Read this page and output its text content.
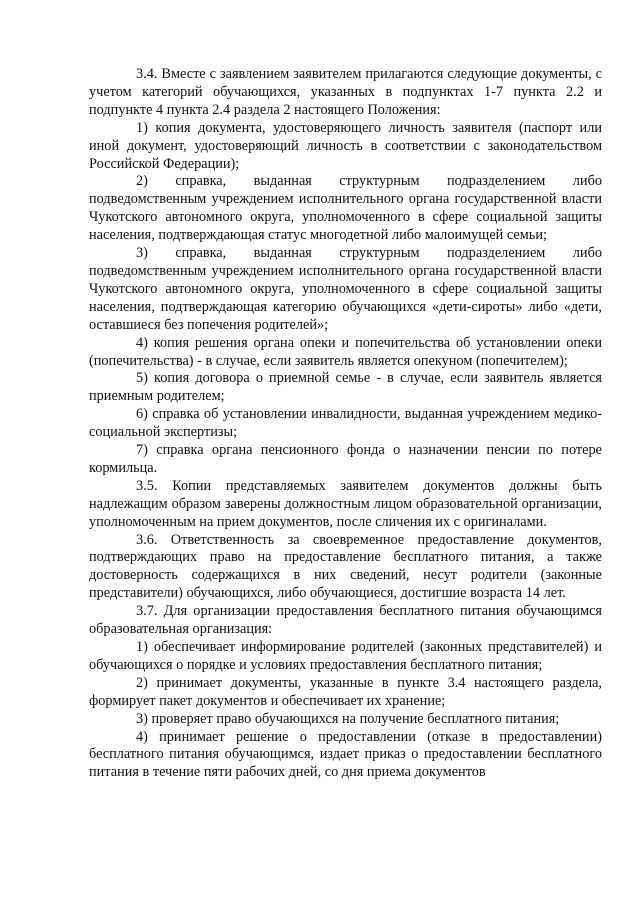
3.4. Вместе с заявлением заявителем прилагаются следующие документы, с учетом категорий обучающихся, указанных в подпунктах 1-7 пункта 2.2 и подпункте 4 пункта 2.4 раздела 2 настоящего Положения:

1) копия документа, удостоверяющего личность заявителя (паспорт или иной документ, удостоверяющий личность в соответствии с законодательством Российской Федерации);

2) справка, выданная структурным подразделением либо подведомственным учреждением исполнительного органа государственной власти Чукотского автономного округа, уполномоченного в сфере социальной защиты населения, подтверждающая статус многодетной либо малоимущей семьи;

3) справка, выданная структурным подразделением либо подведомственным учреждением исполнительного органа государственной власти Чукотского автономного округа, уполномоченного в сфере социальной защиты населения, подтверждающая категорию обучающихся «дети-сироты» либо «дети, оставшиеся без попечения родителей»;

4) копия решения органа опеки и попечительства об установлении опеки (попечительства) - в случае, если заявитель является опекуном (попечителем);

5) копия договора о приемной семье - в случае, если заявитель является приемным родителем;

6) справка об установлении инвалидности, выданная учреждением медико-социальной экспертизы;

7) справка органа пенсионного фонда о назначении пенсии по потере кормильца.

3.5. Копии представляемых заявителем документов должны быть надлежащим образом заверены должностным лицом образовательной организации, уполномоченным на прием документов, после сличения их с оригиналами.

3.6. Ответственность за своевременное предоставление документов, подтверждающих право на предоставление бесплатного питания, а также достоверность содержащихся в них сведений, несут родители (законные представители) обучающихся, либо обучающиеся, достигшие возраста 14 лет.

3.7. Для организации предоставления бесплатного питания обучающимся образовательная организация:

1) обеспечивает информирование родителей (законных представителей) и обучающихся о порядке и условиях предоставления бесплатного питания;

2) принимает документы, указанные в пункте 3.4 настоящего раздела, формирует пакет документов и обеспечивает их хранение;

3) проверяет право обучающихся на получение бесплатного питания;

4) принимает решение о предоставлении (отказе в предоставлении) бесплатного питания обучающимся, издает приказ о предоставлении бесплатного питания в течение пяти рабочих дней, со дня приема документов
